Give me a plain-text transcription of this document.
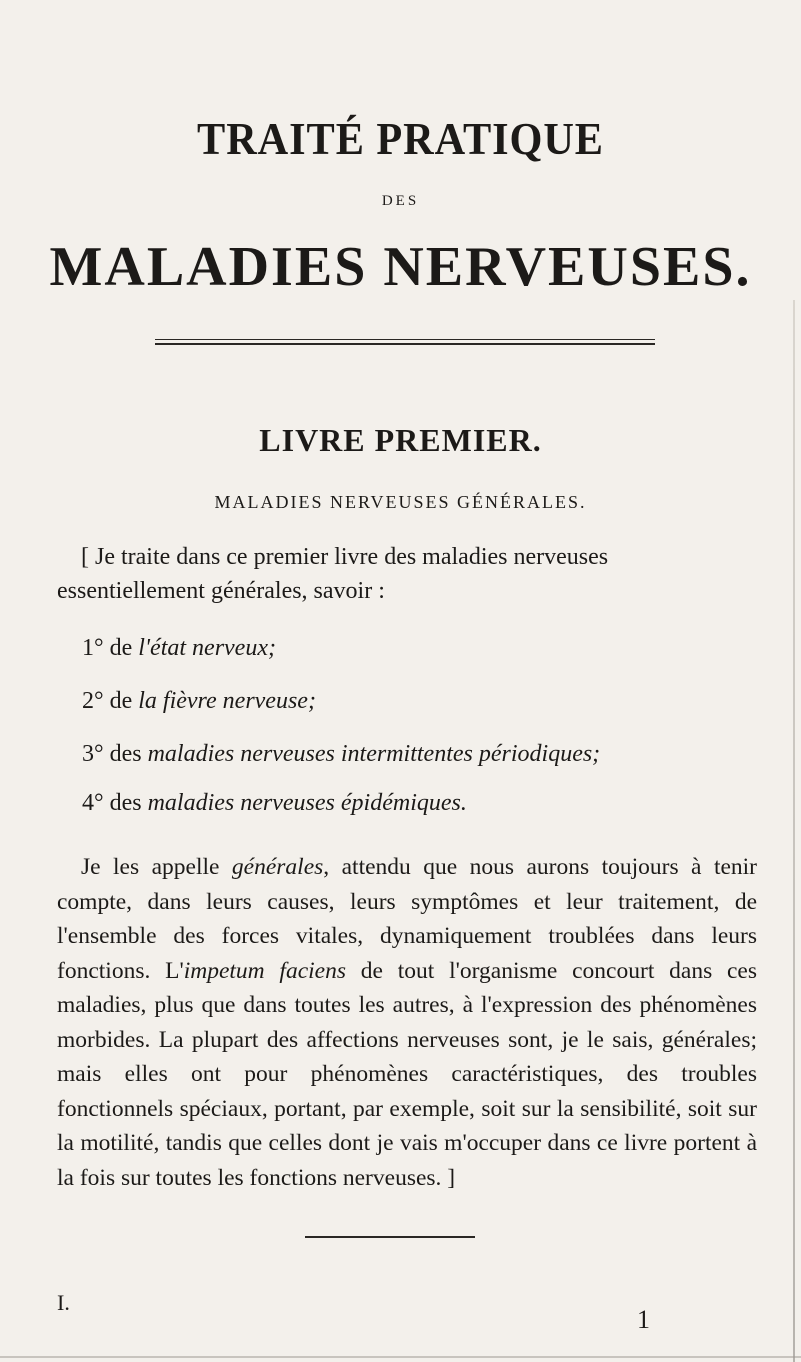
TRAITÉ PRATIQUE
DES
MALADIES NERVEUSES.
LIVRE PREMIER.
MALADIES NERVEUSES GÉNÉRALES.
[ Je traite dans ce premier livre des maladies nerveuses essentiellement générales, savoir :
1° de l'état nerveux;
2° de la fièvre nerveuse;
3° des maladies nerveuses intermittentes périodiques;
4° des maladies nerveuses épidémiques.
Je les appelle générales, attendu que nous aurons toujours à tenir compte, dans leurs causes, leurs symptômes et leur traitement, de l'ensemble des forces vitales, dynamiquement troublées dans leurs fonctions. L'impetum faciens de tout l'organisme concourt dans ces maladies, plus que dans toutes les autres, à l'expression des phénomènes morbides. La plupart des affections nerveuses sont, je le sais, générales; mais elles ont pour phénomènes caractéristiques, des troubles fonctionnels spéciaux, portant, par exemple, soit sur la sensibilité, soit sur la motilité, tandis que celles dont je vais m'occuper dans ce livre portent à la fois sur toutes les fonctions nerveuses. ]
I.
1
